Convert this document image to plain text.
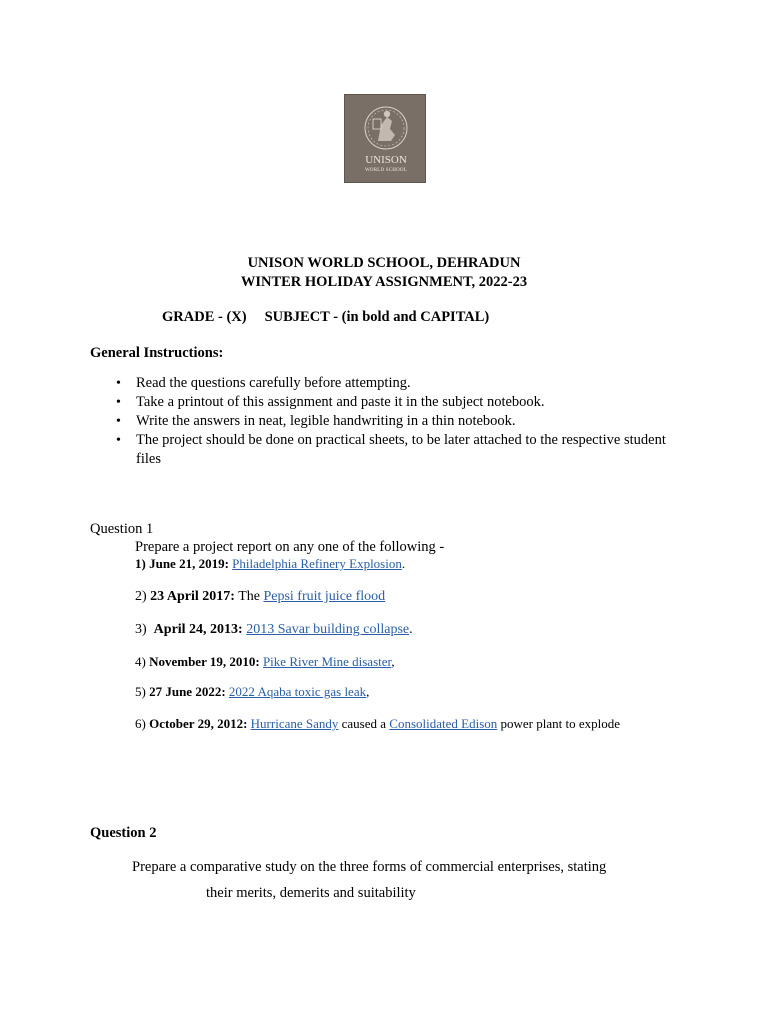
UNISON
WORLD SCHOOL
UNISON WORLD SCHOOL, DEHRADUN
WINTER HOLIDAY ASSIGNMENT, 2022-23
GRADE - (X) SUBJECT - (in bold and CAPITAL)
General Instructions:
• Read the questions carefully before attempting.
• Take a printout of this assignment and paste it in the subject notebook.
• Write the answers in neat, legible handwriting in a thin notebook.
• The project should be done on practical sheets, to be later attached to the respective student files
Question 1
Prepare a project report on any one of the following -
1) June 21, 2019: Philadelphia Refinery Explosion.
2) 23 April 2017: The Pepsi fruit juice flood
3) April 24, 2013: 2013 Savar building collapse.
4) November 19, 2010: Pike River Mine disaster,
5) 27 June 2022: 2022 Aqaba toxic gas leak,
6) October 29, 2012: Hurricane Sandy caused a Consolidated Edison power plant to explode
Question 2
Prepare a comparative study on the three forms of commercial enterprises, stating
their merits, demerits and suitability
